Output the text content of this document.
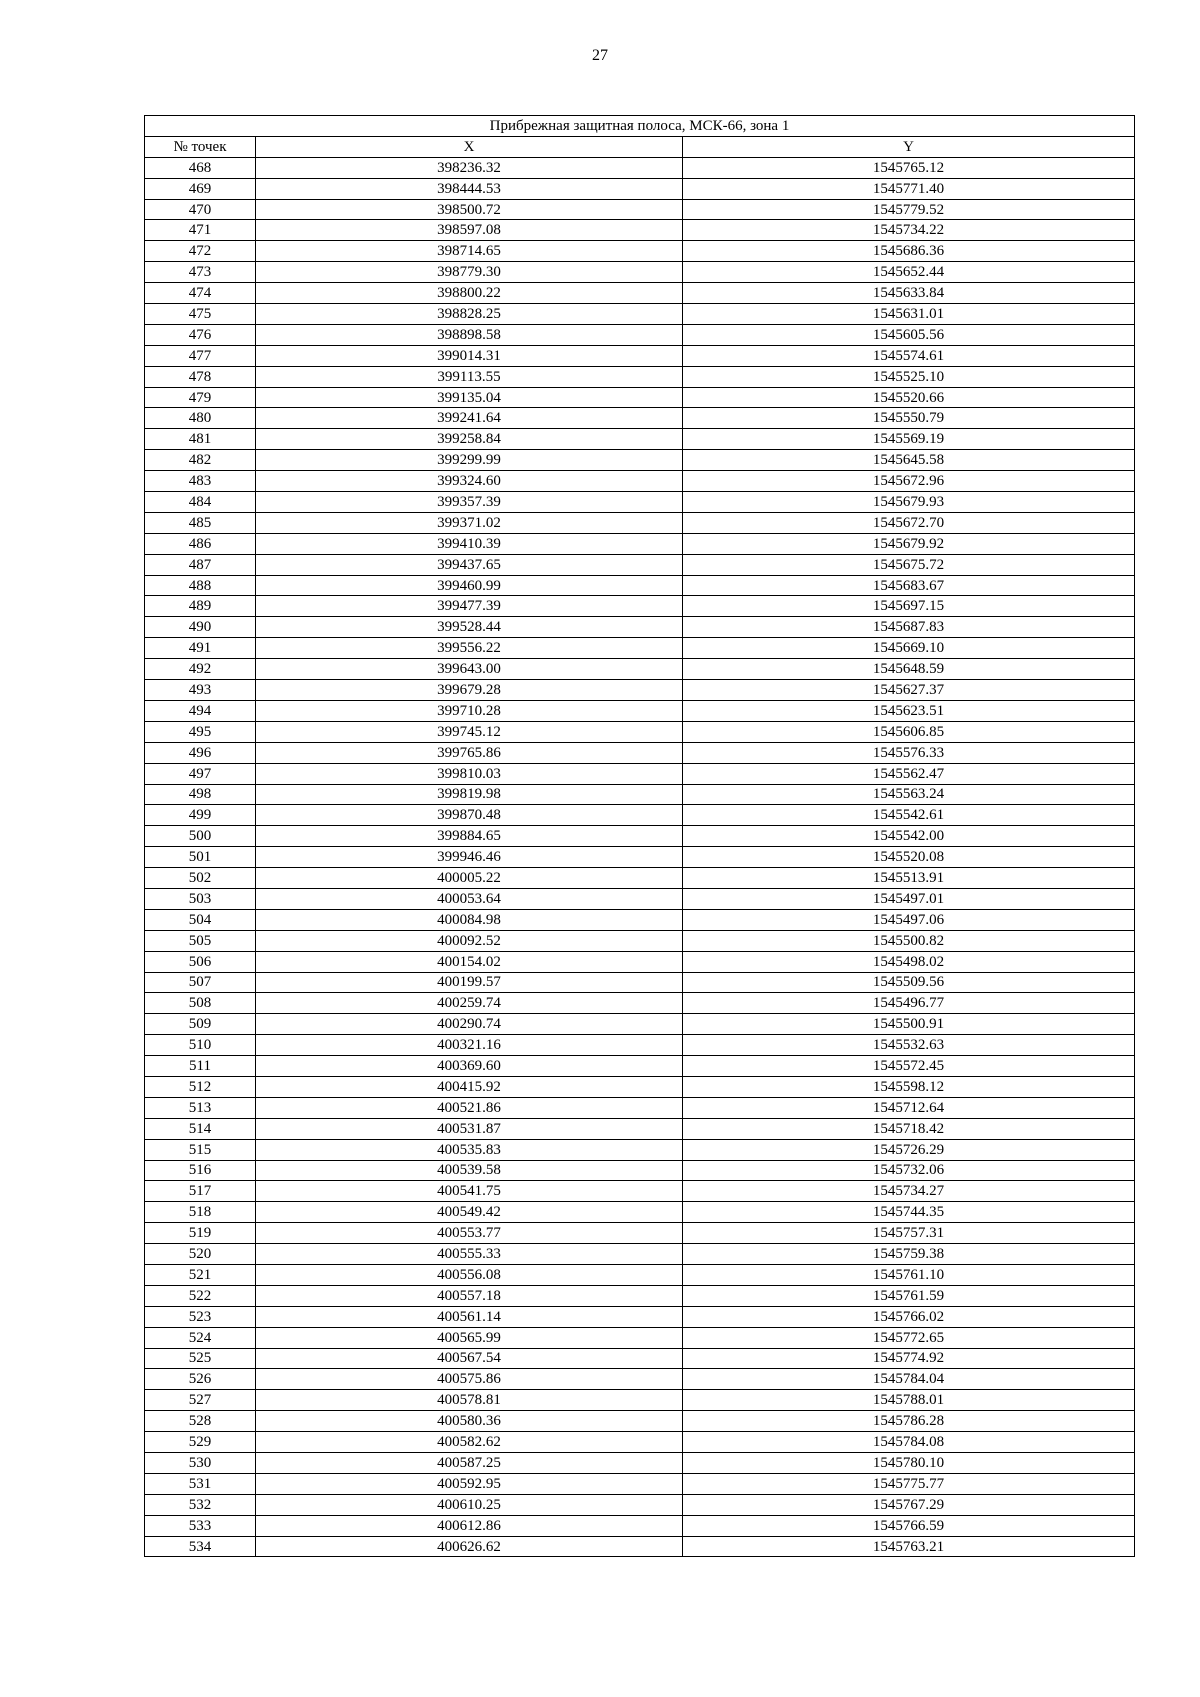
27
Прибрежная защитная полоса, МСК-66, зона 1		
№ точек	X	Y
468	398236.32	1545765.12
469	398444.53	1545771.40
470	398500.72	1545779.52
471	398597.08	1545734.22
472	398714.65	1545686.36
473	398779.30	1545652.44
474	398800.22	1545633.84
475	398828.25	1545631.01
476	398898.58	1545605.56
477	399014.31	1545574.61
478	399113.55	1545525.10
479	399135.04	1545520.66
480	399241.64	1545550.79
481	399258.84	1545569.19
482	399299.99	1545645.58
483	399324.60	1545672.96
484	399357.39	1545679.93
485	399371.02	1545672.70
486	399410.39	1545679.92
487	399437.65	1545675.72
488	399460.99	1545683.67
489	399477.39	1545697.15
490	399528.44	1545687.83
491	399556.22	1545669.10
492	399643.00	1545648.59
493	399679.28	1545627.37
494	399710.28	1545623.51
495	399745.12	1545606.85
496	399765.86	1545576.33
497	399810.03	1545562.47
498	399819.98	1545563.24
499	399870.48	1545542.61
500	399884.65	1545542.00
501	399946.46	1545520.08
502	400005.22	1545513.91
503	400053.64	1545497.01
504	400084.98	1545497.06
505	400092.52	1545500.82
506	400154.02	1545498.02
507	400199.57	1545509.56
508	400259.74	1545496.77
509	400290.74	1545500.91
510	400321.16	1545532.63
511	400369.60	1545572.45
512	400415.92	1545598.12
513	400521.86	1545712.64
514	400531.87	1545718.42
515	400535.83	1545726.29
516	400539.58	1545732.06
517	400541.75	1545734.27
518	400549.42	1545744.35
519	400553.77	1545757.31
520	400555.33	1545759.38
521	400556.08	1545761.10
522	400557.18	1545761.59
523	400561.14	1545766.02
524	400565.99	1545772.65
525	400567.54	1545774.92
526	400575.86	1545784.04
527	400578.81	1545788.01
528	400580.36	1545786.28
529	400582.62	1545784.08
530	400587.25	1545780.10
531	400592.95	1545775.77
532	400610.25	1545767.29
533	400612.86	1545766.59
534	400626.62	1545763.21
